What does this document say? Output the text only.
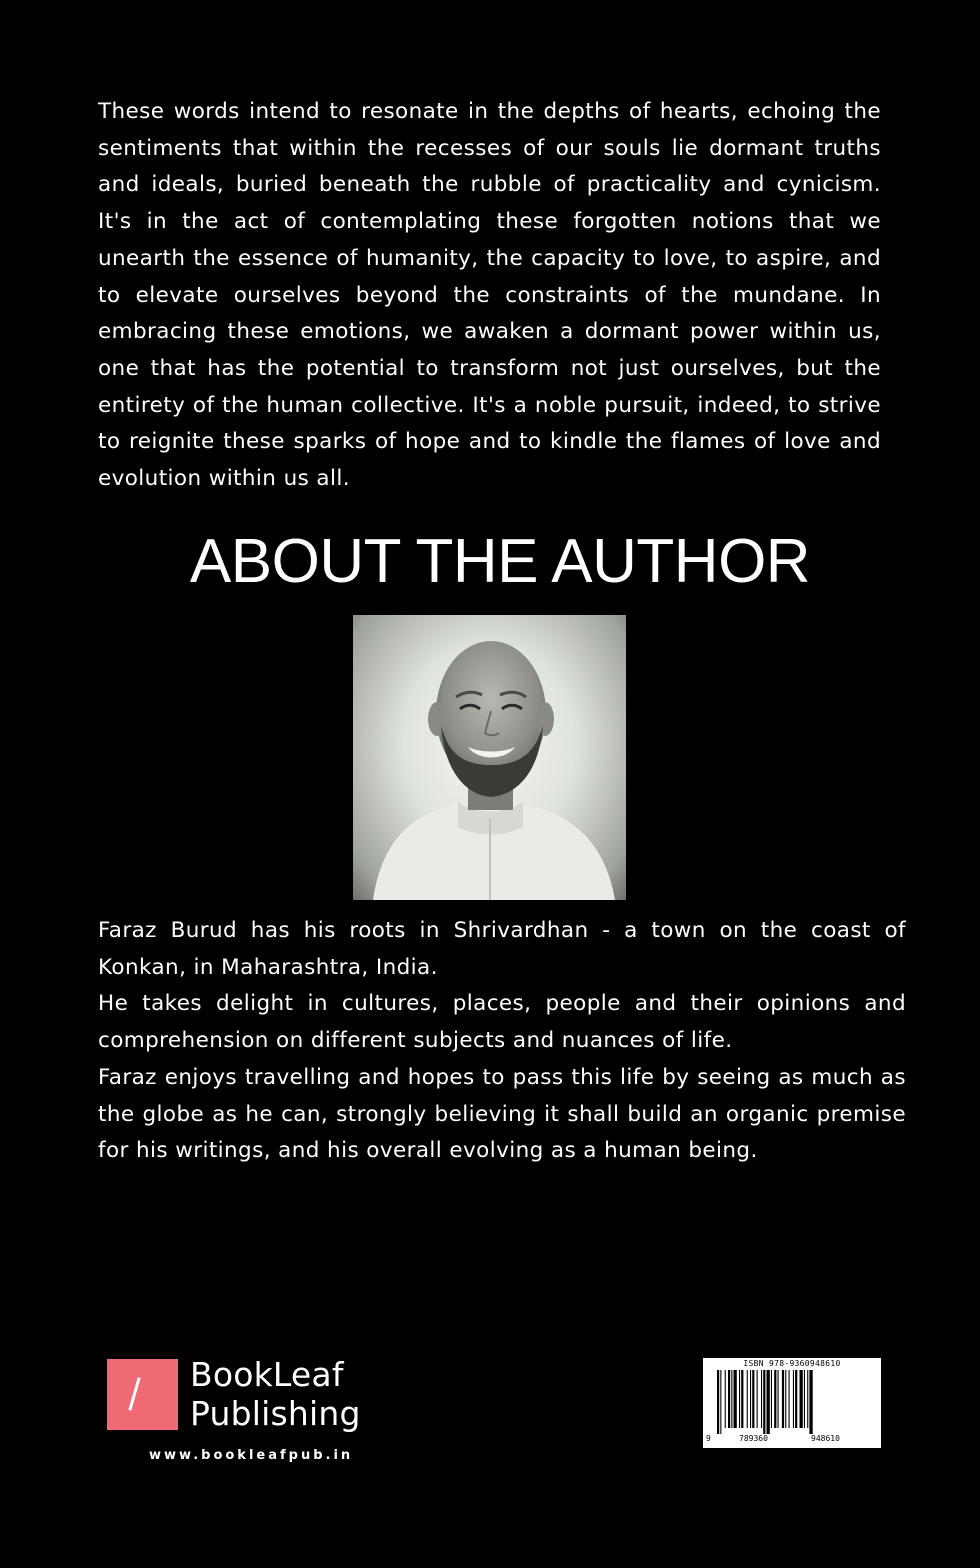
These words intend to resonate in the depths of hearts, echoing the sentiments that within the recesses of our souls lie dormant truths and ideals, buried beneath the rubble of practicality and cynicism. It's in the act of contemplating these forgotten notions that we unearth the essence of humanity, the capacity to love, to aspire, and to elevate ourselves beyond the constraints of the mundane. In embracing these emotions, we awaken a dormant power within us, one that has the potential to transform not just ourselves, but the entirety of the human collective. It's a noble pursuit, indeed, to strive to reignite these sparks of hope and to kindle the flames of love and evolution within us all.

ABOUT THE AUTHOR

Faraz Burud has his roots in Shrivardhan - a town on the coast of Konkan, in Maharashtra, India.

He takes delight in cultures, places, people and their opinions and comprehension on different subjects and nuances of life.

Faraz enjoys travelling and hopes to pass this life by seeing as much as the globe as he can, strongly believing it shall build an organic premise for his writings, and his overall evolving as a human being.

BookLeaf
Publishing
www.bookleafpub.in
ISBN 978-9360948610
9	789360	948610
